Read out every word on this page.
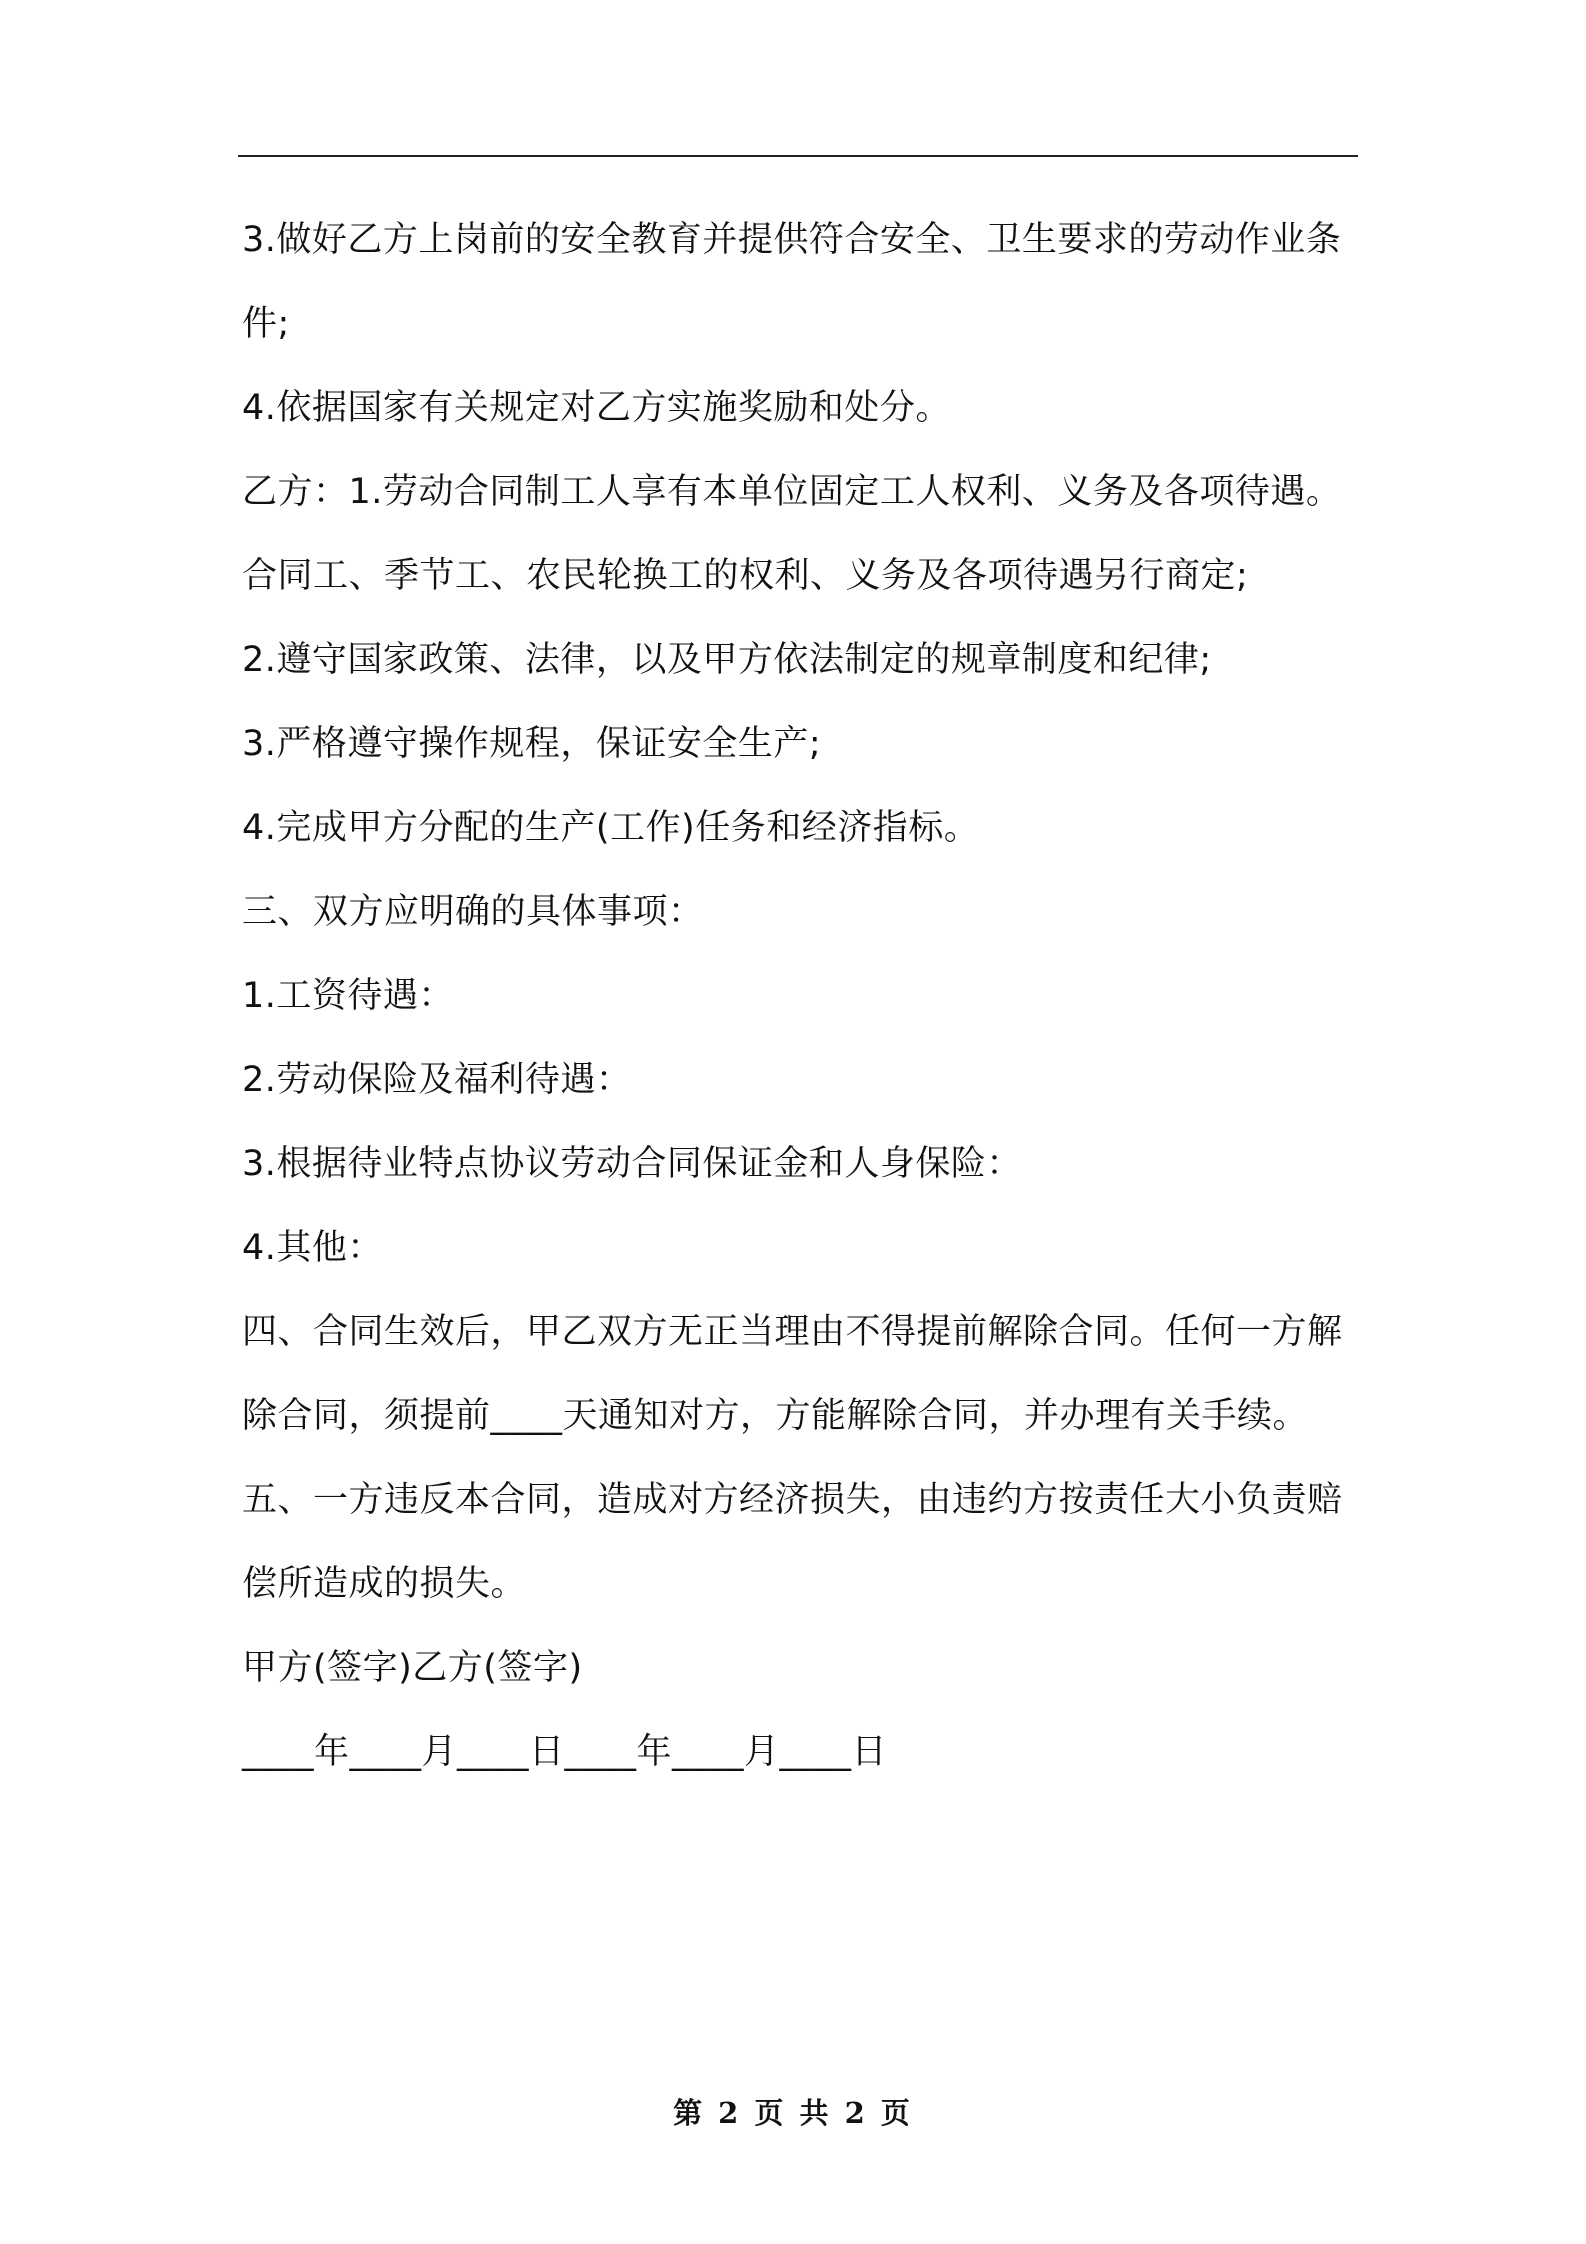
3.做好乙方上岗前的安全教育并提供符合安全、卫生要求的劳动作业条件;

4.依据国家有关规定对乙方实施奖励和处分。

乙方：1.劳动合同制工人享有本单位固定工人权利、义务及各项待遇。合同工、季节工、农民轮换工的权利、义务及各项待遇另行商定;

2.遵守国家政策、法律，以及甲方依法制定的规章制度和纪律;

3.严格遵守操作规程，保证安全生产;

4.完成甲方分配的生产(工作)任务和经济指标。

三、双方应明确的具体事项：

1.工资待遇：

2.劳动保险及福利待遇：

3.根据待业特点协议劳动合同保证金和人身保险：

4.其他：

四、合同生效后，甲乙双方无正当理由不得提前解除合同。任何一方解除合同，须提前____天通知对方，方能解除合同，并办理有关手续。

五、一方违反本合同，造成对方经济损失，由违约方按责任大小负责赔偿所造成的损失。

甲方(签字)乙方(签字)

____年____月____日____年____月____日

第 2 页 共 2 页
